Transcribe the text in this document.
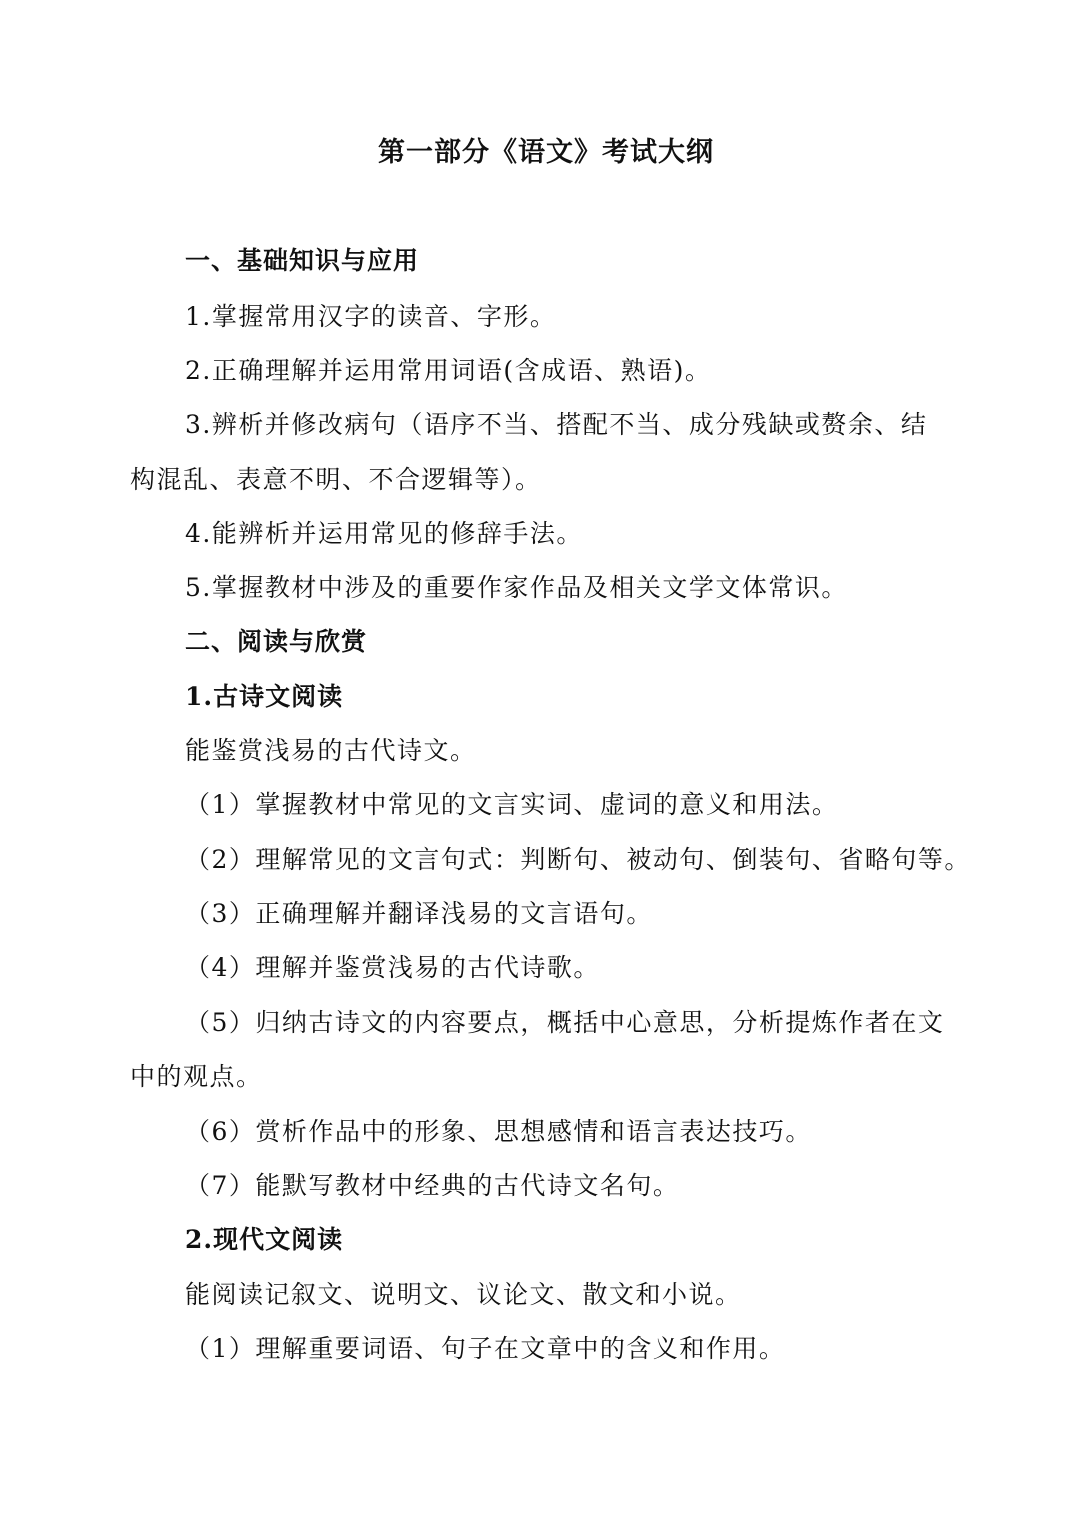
第一部分《语文》考试大纲
一、基础知识与应用
1.掌握常用汉字的读音、字形。
2.正确理解并运用常用词语(含成语、熟语)。
3.辨析并修改病句（语序不当、搭配不当、成分残缺或赘余、结
构混乱、表意不明、不合逻辑等）。
4.能辨析并运用常见的修辞手法。
5.掌握教材中涉及的重要作家作品及相关文学文体常识。
二、阅读与欣赏
1.古诗文阅读
能鉴赏浅易的古代诗文。
（1）掌握教材中常见的文言实词、虚词的意义和用法。
（2）理解常见的文言句式：判断句、被动句、倒装句、省略句等。
（3）正确理解并翻译浅易的文言语句。
（4）理解并鉴赏浅易的古代诗歌。
（5）归纳古诗文的内容要点，概括中心意思，分析提炼作者在文
中的观点。
（6）赏析作品中的形象、思想感情和语言表达技巧。
（7）能默写教材中经典的古代诗文名句。
2.现代文阅读
能阅读记叙文、说明文、议论文、散文和小说。
（1）理解重要词语、句子在文章中的含义和作用。
